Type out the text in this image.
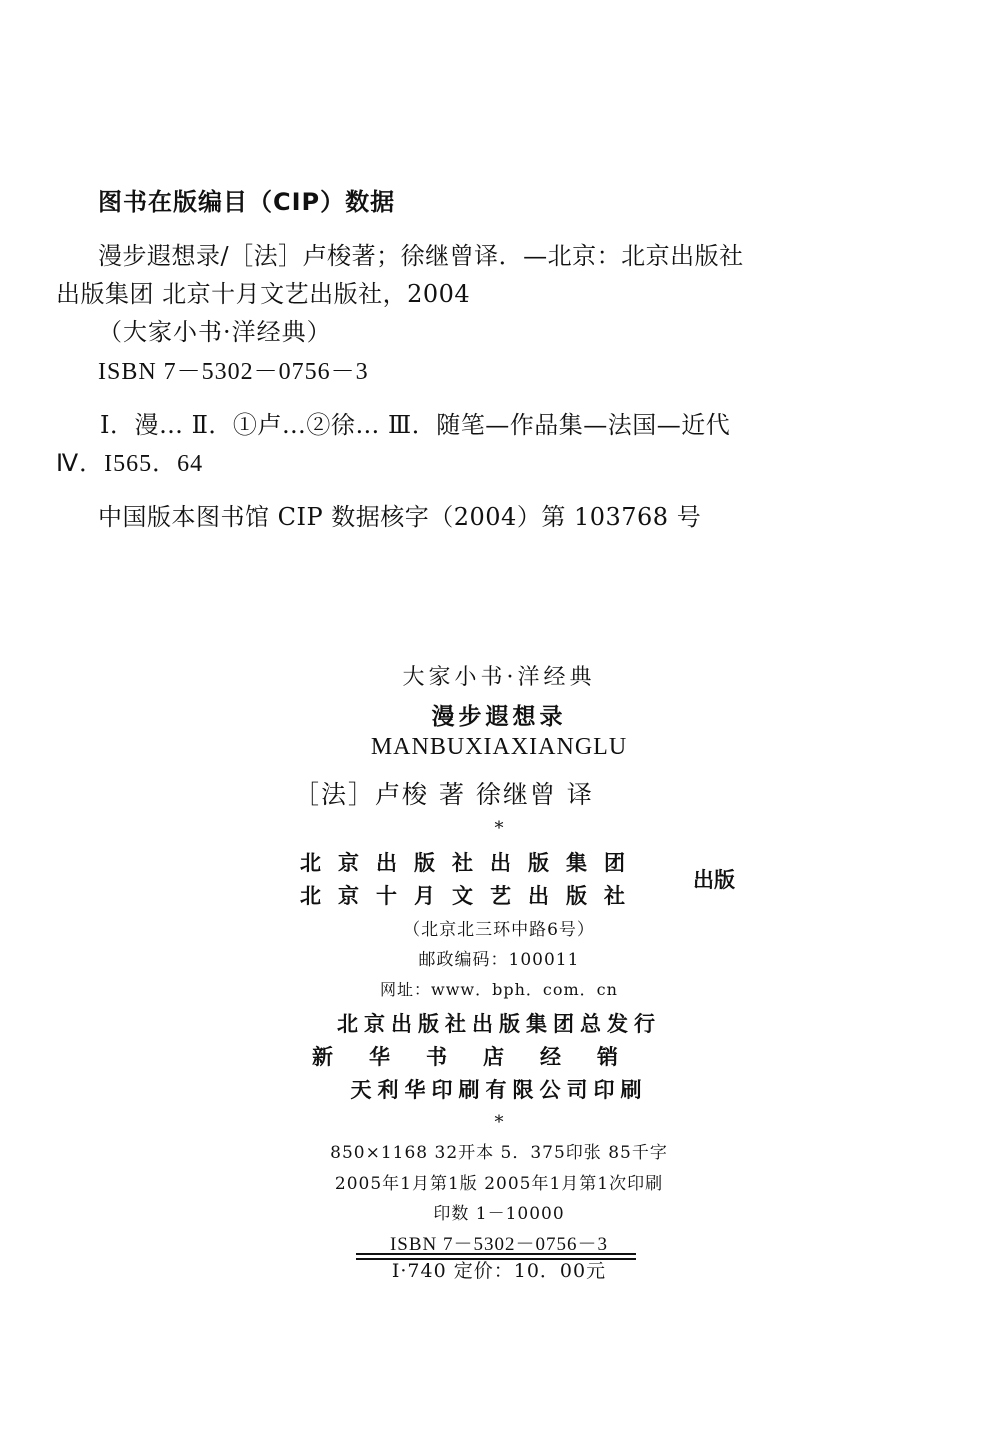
图书在版编目（CIP）数据
漫步遐想录/［法］卢梭著；徐继曾译．—北京：北京出版社
出版集团 北京十月文艺出版社，2004
（大家小书·洋经典）
ISBN 7－5302－0756－3
Ⅰ．漫… Ⅱ．①卢…②徐… Ⅲ．随笔—作品集—法国—近代
Ⅳ．I565．64
中国版本图书馆 CIP 数据核字（2004）第 103768 号
大家小书·洋经典
漫步遐想录
MANBUXIAXIANGLU
［法］卢梭 著 徐继曾 译
*
北京出版社出版集团
北京十月文艺出版社
出版
（北京北三环中路6号）
邮政编码：100011
网址：www．bph．com．cn
北京出版社出版集团总发行
新华书店经销
天利华印刷有限公司印刷
*
850×1168 32开本 5．375印张 85千字
2005年1月第1版 2005年1月第1次印刷
印数 1－10000
ISBN 7－5302－0756－3
I·740 定价：10．00元
